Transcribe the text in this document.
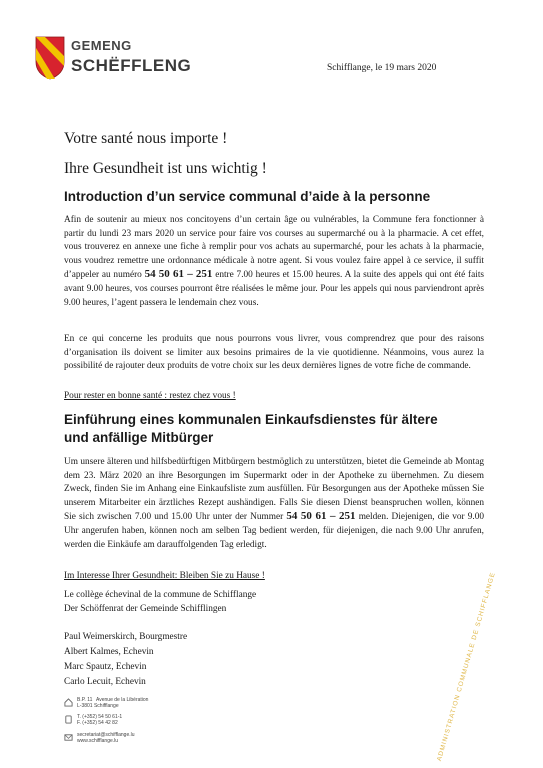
GEMENG
SCHËFFLENG	Schifflange, le 19 mars 2020
Votre santé nous importe !
Ihre Gesundheit ist uns wichtig !
Introduction d’un service communal d’aide à la personne
Afin de soutenir au mieux nos concitoyens d’un certain âge ou vulnérables, la Commune fera fonctionner à partir du lundi 23 mars 2020 un service pour faire vos courses au supermarché ou à la pharmacie. A cet effet, vous trouverez en annexe une fiche à remplir pour vos achats au supermarché, pour les achats à la pharmacie, vous voudrez remettre une ordonnance médicale à notre agent. Si vous voulez faire appel à ce service, il suffit d’appeler au numéro 54 50 61 – 251 entre 7.00 heures et 15.00 heures. A la suite des appels qui ont été faits avant 9.00 heures, vos courses pourront être réalisées le même jour. Pour les appels qui nous parviendront après 9.00 heures, l’agent passera le lendemain chez vous.
En ce qui concerne les produits que nous pourrons vous livrer, vous comprendrez que pour des raisons d’organisation ils doivent se limiter aux besoins primaires de la vie quotidienne. Néanmoins, vous aurez la possibilité de rajouter deux produits de votre choix sur les deux dernières lignes de votre fiche de commande.
Pour rester en bonne santé : restez chez vous !
Einführung eines kommunalen Einkaufsdienstes für ältere
und anfällige Mitbürger
Um unsere älteren und hilfsbedürftigen Mitbürgern bestmöglich zu unterstützen, bietet die Gemeinde ab Montag dem 23. März 2020 an ihre Besorgungen im Supermarkt oder in der Apotheke zu übernehmen. Zu diesem Zweck, finden Sie im Anhang eine Einkaufsliste zum ausfüllen. Für Besorgungen aus der Apotheke müssen Sie unserem Mitarbeiter ein ärztliches Rezept aushändigen. Falls Sie diesen Dienst beanspruchen wollen, können Sie sich zwischen 7.00 und 15.00 Uhr unter der Nummer 54 50 61 – 251 melden. Diejenigen, die vor 9.00 Uhr angerufen haben, können noch am selben Tag bedient werden, für diejenigen, die nach 9.00 Uhr anrufen, werden die Einkäufe am darauffolgenden Tag erledigt.
Im Interesse Ihrer Gesundheit: Bleiben Sie zu Hause !
Le collège échevinal de la commune de Schifflange
Der Schöffenrat der Gemeinde Schifflingen
Paul Weimerskirch, Bourgmestre
Albert Kalmes, Echevin
Marc Spautz, Echevin
Carlo Lecuit, Echevin
B.P. 11 Avenue de la Libération
L-3801 Schifflange
T. (+352) 54 50 61-1
F. (+352) 54 42 82
secretariat@schifflange.lu
www.schifflange.lu	ADMINISTRATION COMMUNALE DE SCHIFFLANGE
